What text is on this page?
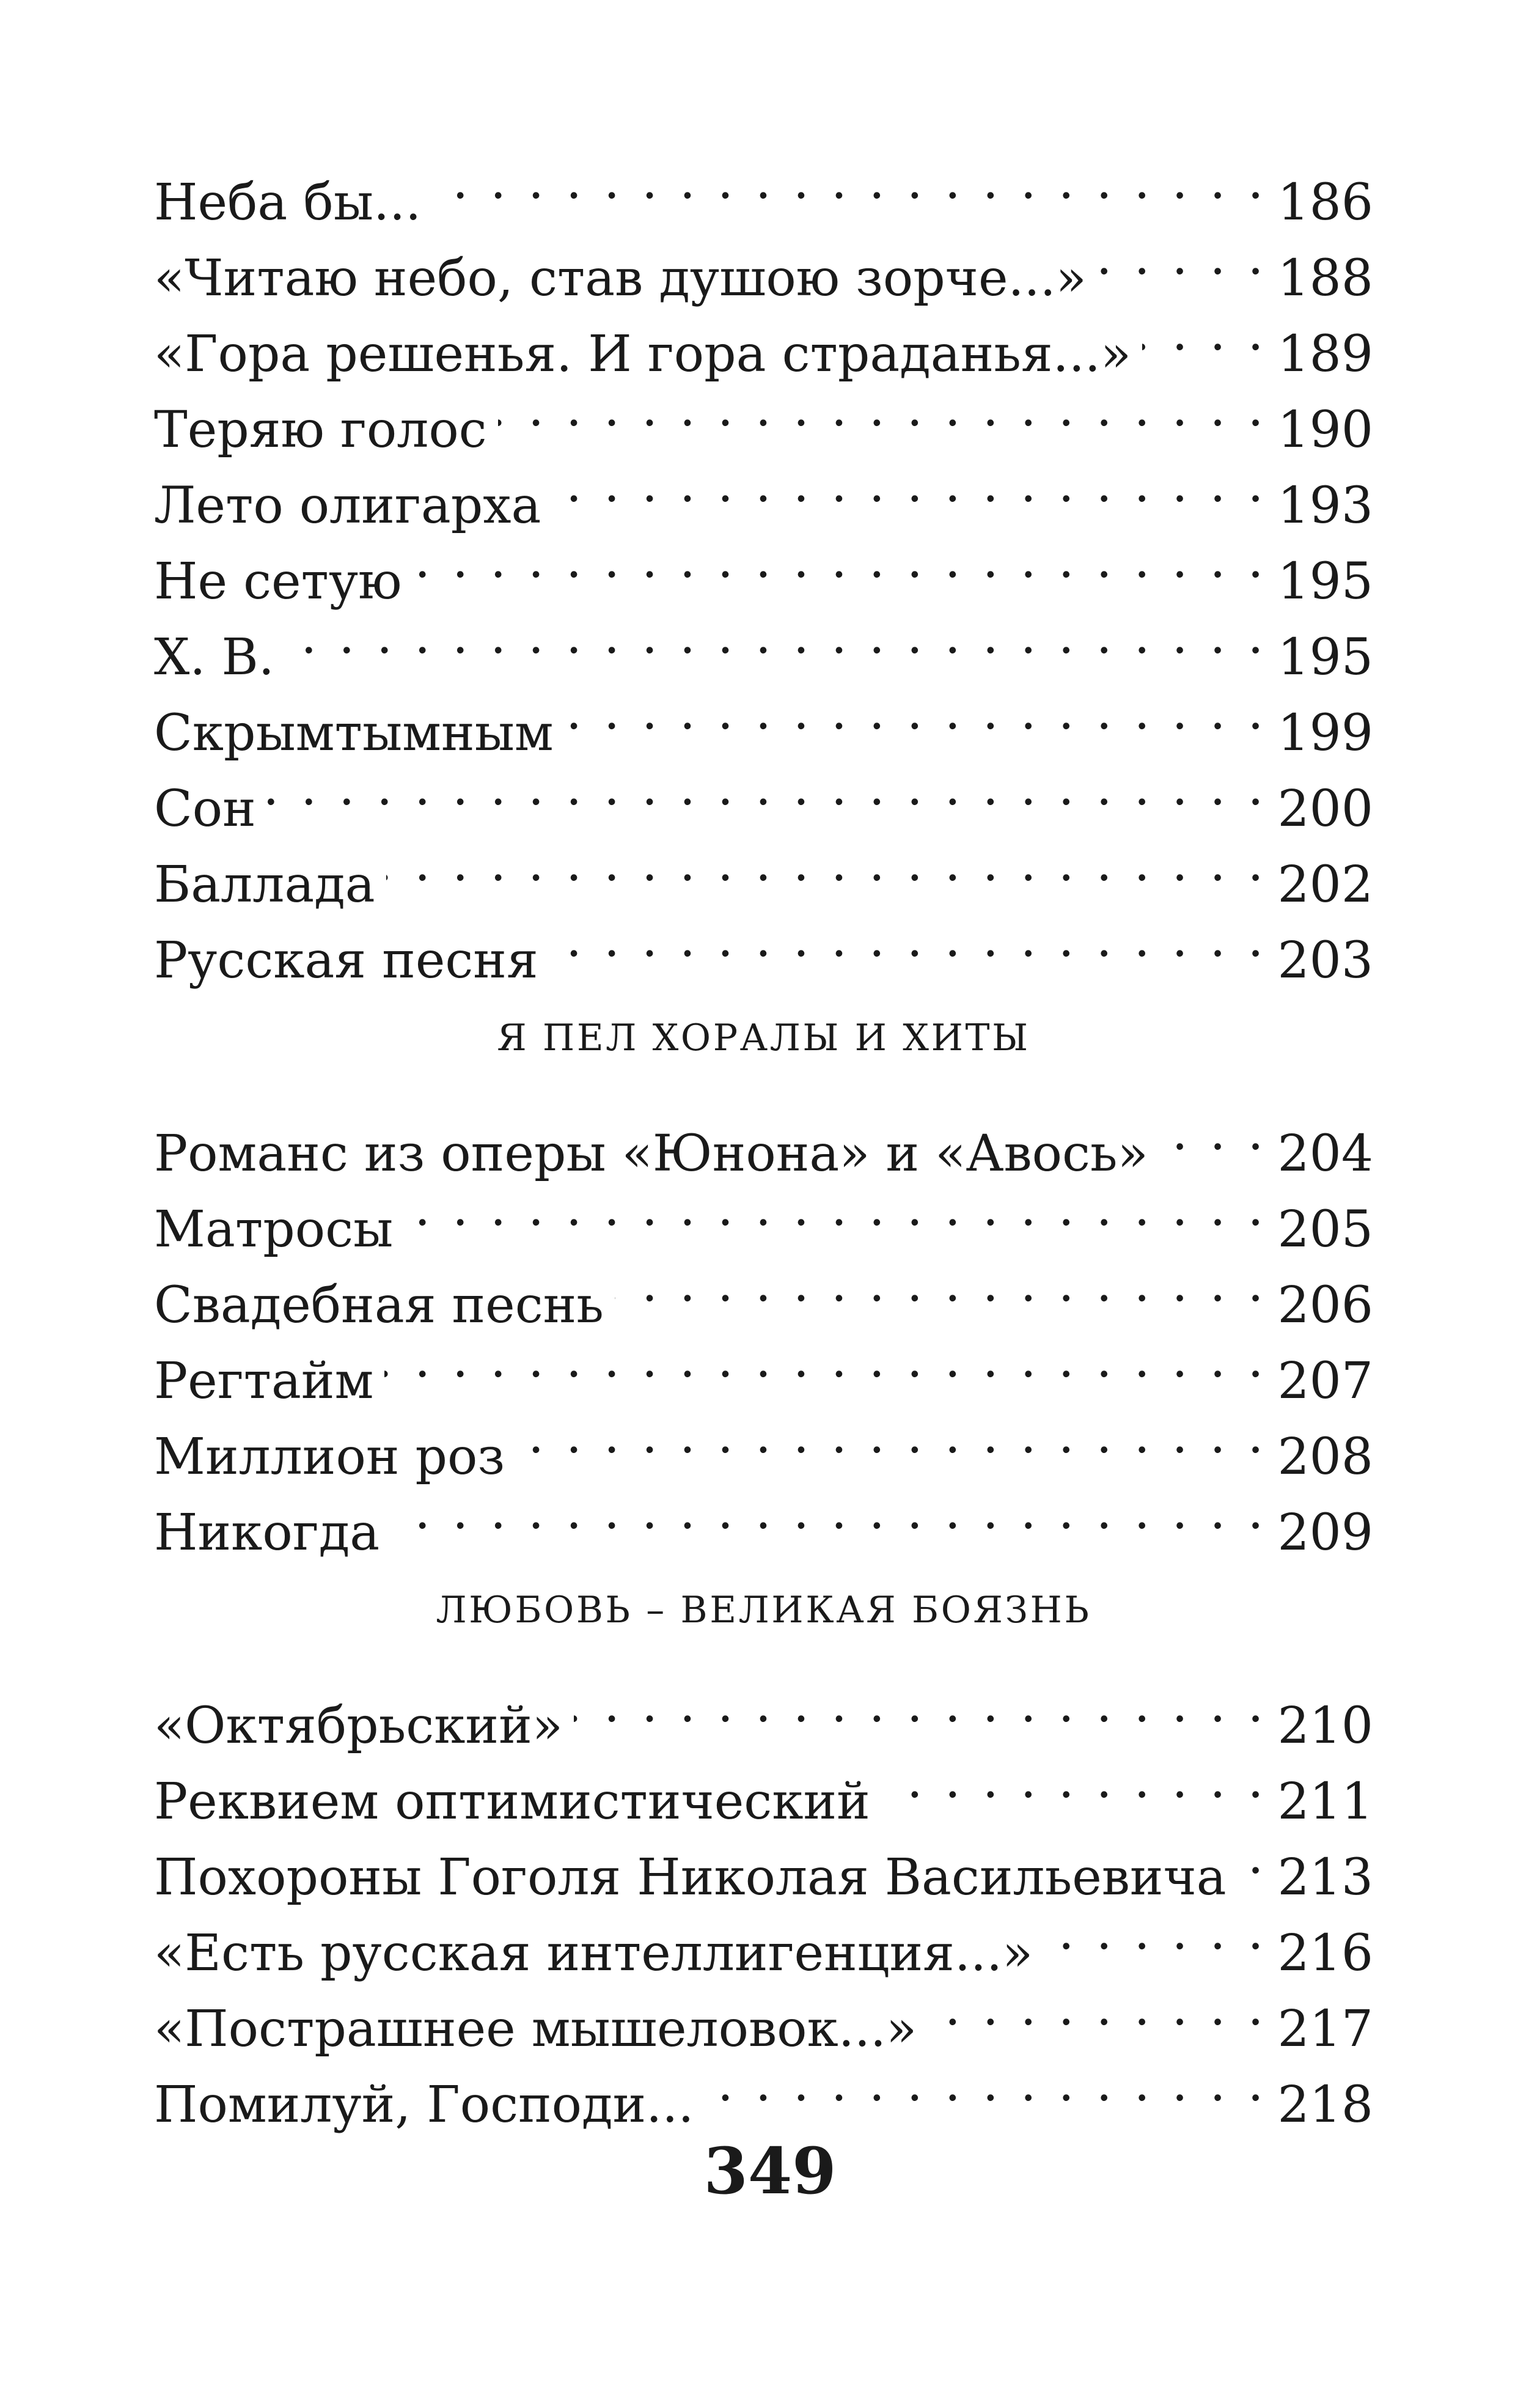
Неба бы... . . .	186
«Читаю небо, став душою зорче...» . . .	188
«Гора решенья. И гора страданья...» . . .	189
Теряю голос . . .	190
Лето олигарха . . .	193
Не сетую . . .	195
Х. В. . . .	195
Скрымтымным . . .	199
Сон . . .	200
Баллада . . .	202
Русская песня . . .	203
Я ПЕЛ ХОРАЛЫ И ХИТЫ
Романс из оперы «Юнона» и «Авось» . . .	204
Матросы . . .	205
Свадебная песнь . . .	206
Регтайм . . .	207
Миллион роз . . .	208
Никогда . . .	209
ЛЮБОВЬ – ВЕЛИКАЯ БОЯЗНЬ
«Октябрьский» . . .	210
Реквием оптимистический . . .	211
Похороны Гоголя Николая Васильевича . . . 213
«Есть русская интеллигенция...» . . .	216
«Пострашнее мышеловок...» . . .	217
Помилуй, Господи... . . .	218
349
